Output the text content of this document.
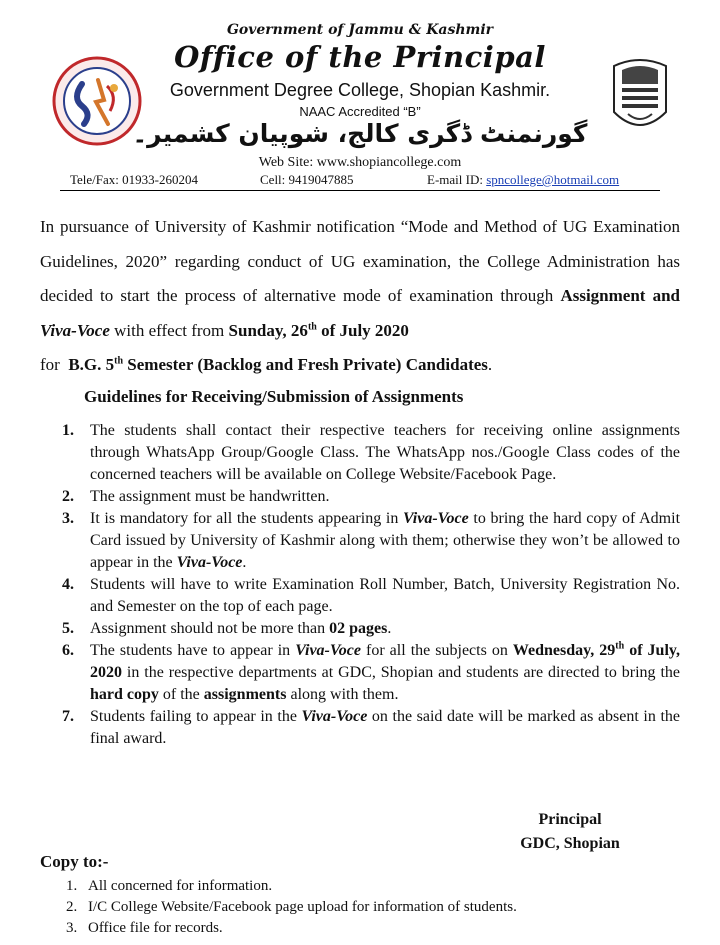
Government of Jammu & Kashmir
Office of the Principal
Government Degree College, Shopian Kashmir.
NAAC Accredited “B”
گورنمنٹ ڈگری کالج، شوپیان کشمیر۔
Web Site: www.shopiancollege.com
Tele/Fax: 01933-260204	Cell: 9419047885	E-mail ID: spncollege@hotmail.com
In pursuance of University of Kashmir notification “Mode and Method of UG Examination Guidelines, 2020” regarding conduct of UG examination, the College Administration has decided to start the process of alternative mode of examination through Assignment and Viva-Voce with effect from Sunday, 26th of July 2020
for B.G. 5th Semester (Backlog and Fresh Private) Candidates.
Guidelines for Receiving/Submission of Assignments
1. The students shall contact their respective teachers for receiving online assignments through WhatsApp Group/Google Class. The WhatsApp nos./Google Class codes of the concerned teachers will be available on College Website/Facebook Page.
2. The assignment must be handwritten.
3. It is mandatory for all the students appearing in Viva-Voce to bring the hard copy of Admit Card issued by University of Kashmir along with them; otherwise they won’t be allowed to appear in the Viva-Voce.
4. Students will have to write Examination Roll Number, Batch, University Registration No. and Semester on the top of each page.
5. Assignment should not be more than 02 pages.
6. The students have to appear in Viva-Voce for all the subjects on Wednesday, 29th of July, 2020 in the respective departments at GDC, Shopian and students are directed to bring the hard copy of the assignments along with them.
7. Students failing to appear in the Viva-Voce on the said date will be marked as absent in the final award.
Principal
GDC, Shopian
Copy to:-
1. All concerned for information.
2. I/C College Website/Facebook page upload for information of students.
3. Office file for records.
